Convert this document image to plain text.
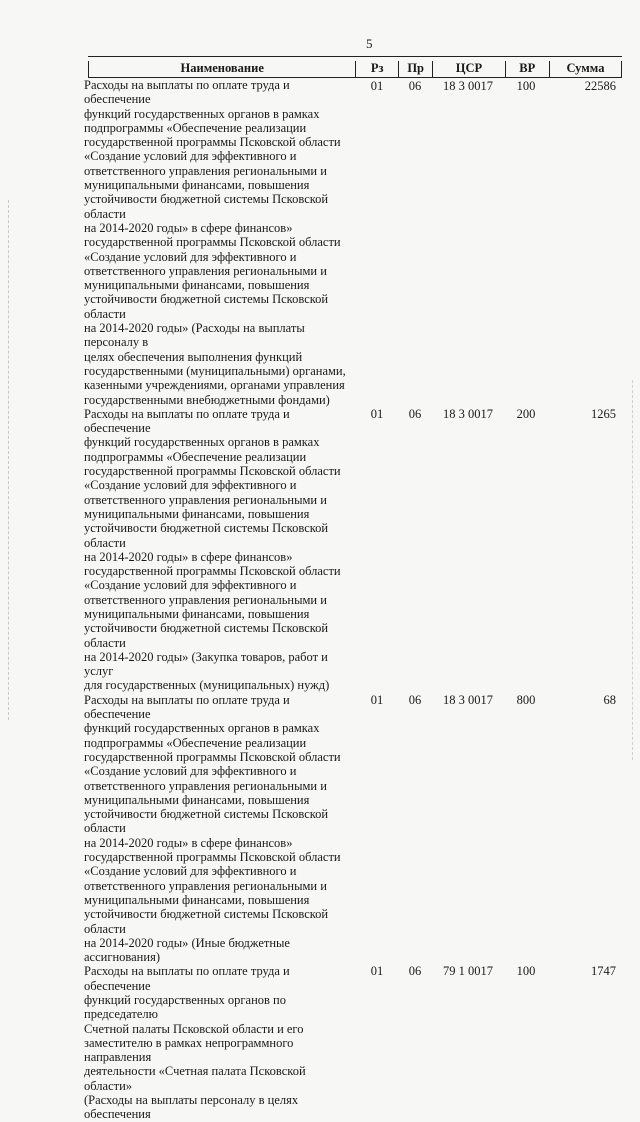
5
Наименование	Рз	Пр	ЦСР	ВР	Сумма
Расходы на выплаты по оплате труда и обеспечение
функций государственных органов в рамках
подпрограммы «Обеспечение реализации
государственной программы Псковской области
«Создание условий для эффективного и
ответственного управления региональными и
муниципальными финансами, повышения
устойчивости бюджетной системы Псковской области
на 2014-2020 годы» в сфере финансов»
государственной программы Псковской области
«Создание условий для эффективного и
ответственного управления региональными и
муниципальными финансами, повышения
устойчивости бюджетной системы Псковской области
на 2014-2020 годы» (Расходы на выплаты персоналу в
целях обеспечения выполнения функций
государственными (муниципальными) органами,
казенными учреждениями, органами управления
государственными внебюджетными фондами)
01	06	18 3 0017	100	22586
Расходы на выплаты по оплате труда и обеспечение
функций государственных органов в рамках
подпрограммы «Обеспечение реализации
государственной программы Псковской области
«Создание условий для эффективного и
ответственного управления региональными и
муниципальными финансами, повышения
устойчивости бюджетной системы Псковской области
на 2014-2020 годы» в сфере финансов»
государственной программы Псковской области
«Создание условий для эффективного и
ответственного управления региональными и
муниципальными финансами, повышения
устойчивости бюджетной системы Псковской области
на 2014-2020 годы» (Закупка товаров, работ и услуг
для государственных (муниципальных) нужд)
01	06	18 3 0017	200	1265
Расходы на выплаты по оплате труда и обеспечение
функций государственных органов в рамках
подпрограммы «Обеспечение реализации
государственной программы Псковской области
«Создание условий для эффективного и
ответственного управления региональными и
муниципальными финансами, повышения
устойчивости бюджетной системы Псковской области
на 2014-2020 годы» в сфере финансов»
государственной программы Псковской области
«Создание условий для эффективного и
ответственного управления региональными и
муниципальными финансами, повышения
устойчивости бюджетной системы Псковской области
на 2014-2020 годы» (Иные бюджетные ассигнования)
01	06	18 3 0017	800	68
Расходы на выплаты по оплате труда и обеспечение
функций государственных органов по председателю
Счетной палаты Псковской области и его
заместителю в рамках непрограммного направления
деятельности «Счетная палата Псковской области»
(Расходы на выплаты персоналу в целях обеспечения
01	06	79 1 0017	100	1747
